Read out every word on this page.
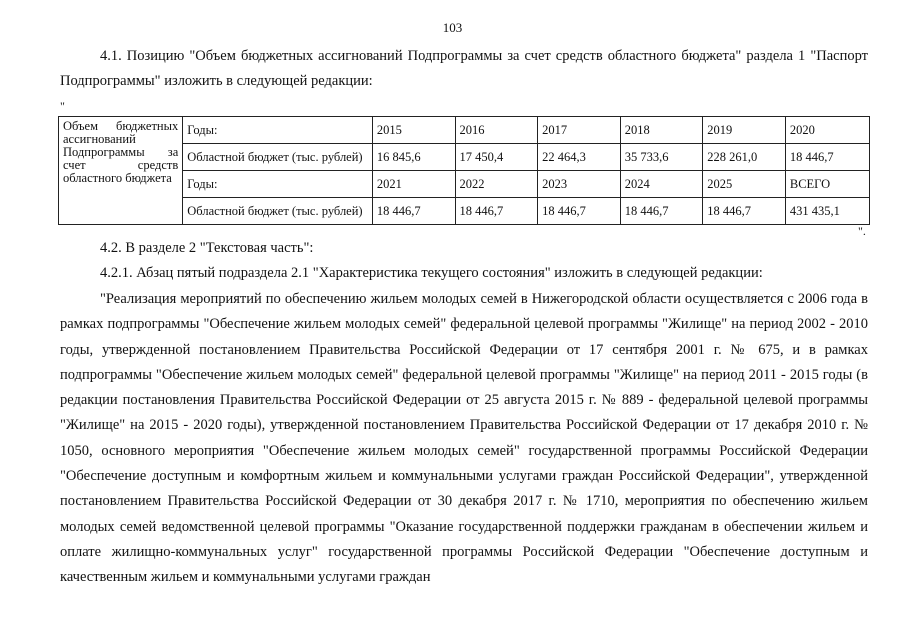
103

4.1. Позицию "Объем бюджетных ассигнований Подпрограммы за счет средств областного бюджета" раздела 1 "Паспорт Подпрограммы" изложить в следующей редакции:

"
Объем бюджетных ассигнований Подпрограммы за счет средств областного бюджета	Годы:	2015	2016	2017	2018	2019	2020
	Областной бюджет (тыс. рублей)	16 845,6	17 450,4	22 464,3	35 733,6	228 261,0	18 446,7
	Годы:	2021	2022	2023	2024	2025	ВСЕГО
	Областной бюджет (тыс. рублей)	18 446,7	18 446,7	18 446,7	18 446,7	18 446,7	431 435,1
".

4.2. В разделе 2 "Текстовая часть":

4.2.1. Абзац пятый подраздела 2.1 "Характеристика текущего состояния" изложить в следующей редакции:

"Реализация мероприятий по обеспечению жильем молодых семей в Нижегородской области осуществляется с 2006 года в рамках подпрограммы "Обеспечение жильем молодых семей" федеральной целевой программы "Жилище" на период 2002 - 2010 годы, утвержденной постановлением Правительства Российской Федерации от 17 сентября 2001 г. № 675, и в рамках подпрограммы "Обеспечение жильем молодых семей" федеральной целевой программы "Жилище" на период 2011 - 2015 годы (в редакции постановления Правительства Российской Федерации от 25 августа 2015 г. № 889 - федеральной целевой программы "Жилище" на 2015 - 2020 годы), утвержденной постановлением Правительства Российской Федерации от 17 декабря 2010 г. № 1050, основного мероприятия "Обеспечение жильем молодых семей" государственной программы Российской Федерации "Обеспечение доступным и комфортным жильем и коммунальными услугами граждан Российской Федерации", утвержденной постановлением Правительства Российской Федерации от 30 декабря 2017 г. № 1710, мероприятия по обеспечению жильем молодых семей ведомственной целевой программы "Оказание государственной поддержки гражданам в обеспечении жильем и оплате жилищно-коммунальных услуг" государственной программы Российской Федерации "Обеспечение доступным и качественным жильем и коммунальными услугами граждан
